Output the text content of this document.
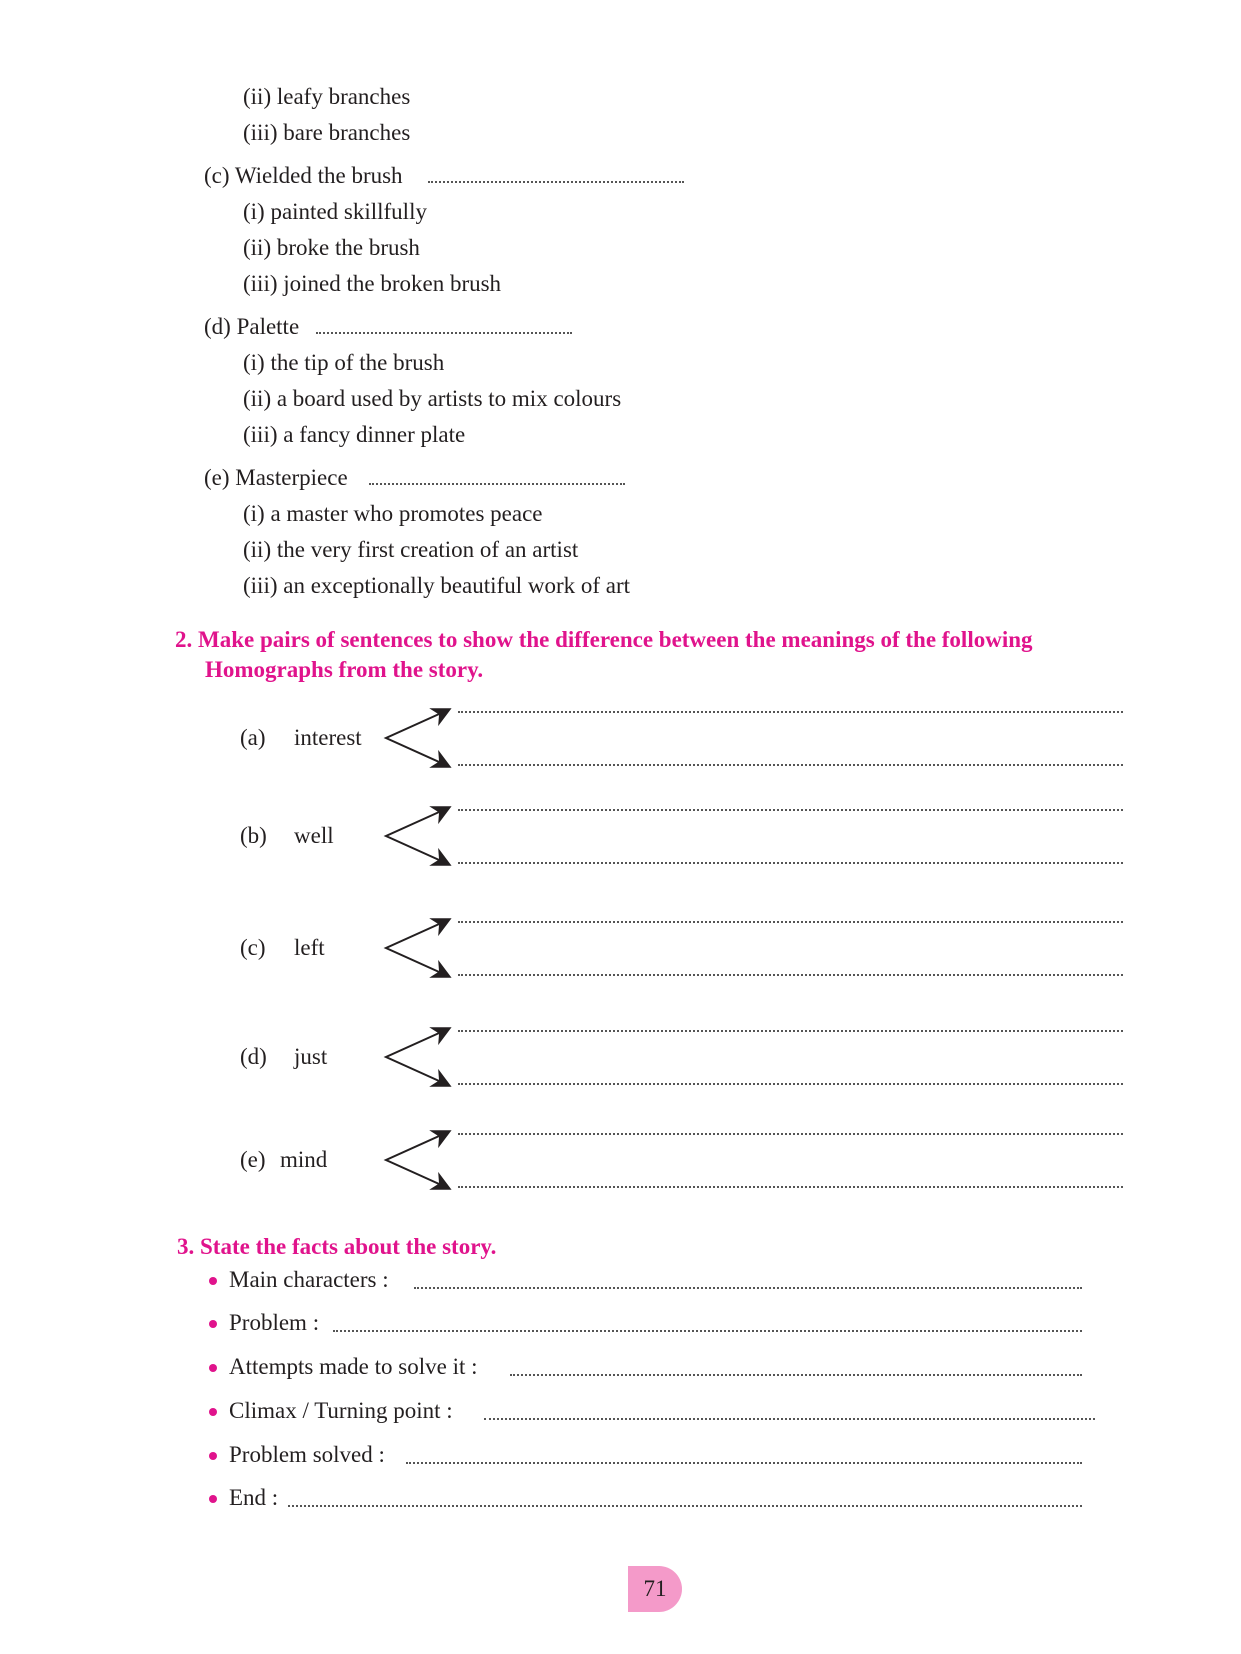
(ii) leafy branches
(iii) bare branches
(c) Wielded the brush
(i) painted skillfully
(ii) broke the brush
(iii) joined the broken brush
(d) Palette
(i) the tip of the brush
(ii) a board used by artists to mix colours
(iii) a fancy dinner plate
(e) Masterpiece
(i) a master who promotes peace
(ii) the very first creation of an artist
(iii) an exceptionally beautiful work of art
2. Make pairs of sentences to show the difference between the meanings of the following
Homographs from the story.
(a) interest
(b) well
(c) left
(d) just
(e) mind
3. State the facts about the story.
Main characters :
Problem :
Attempts made to solve it :
Climax / Turning point :
Problem solved :
End :
71
